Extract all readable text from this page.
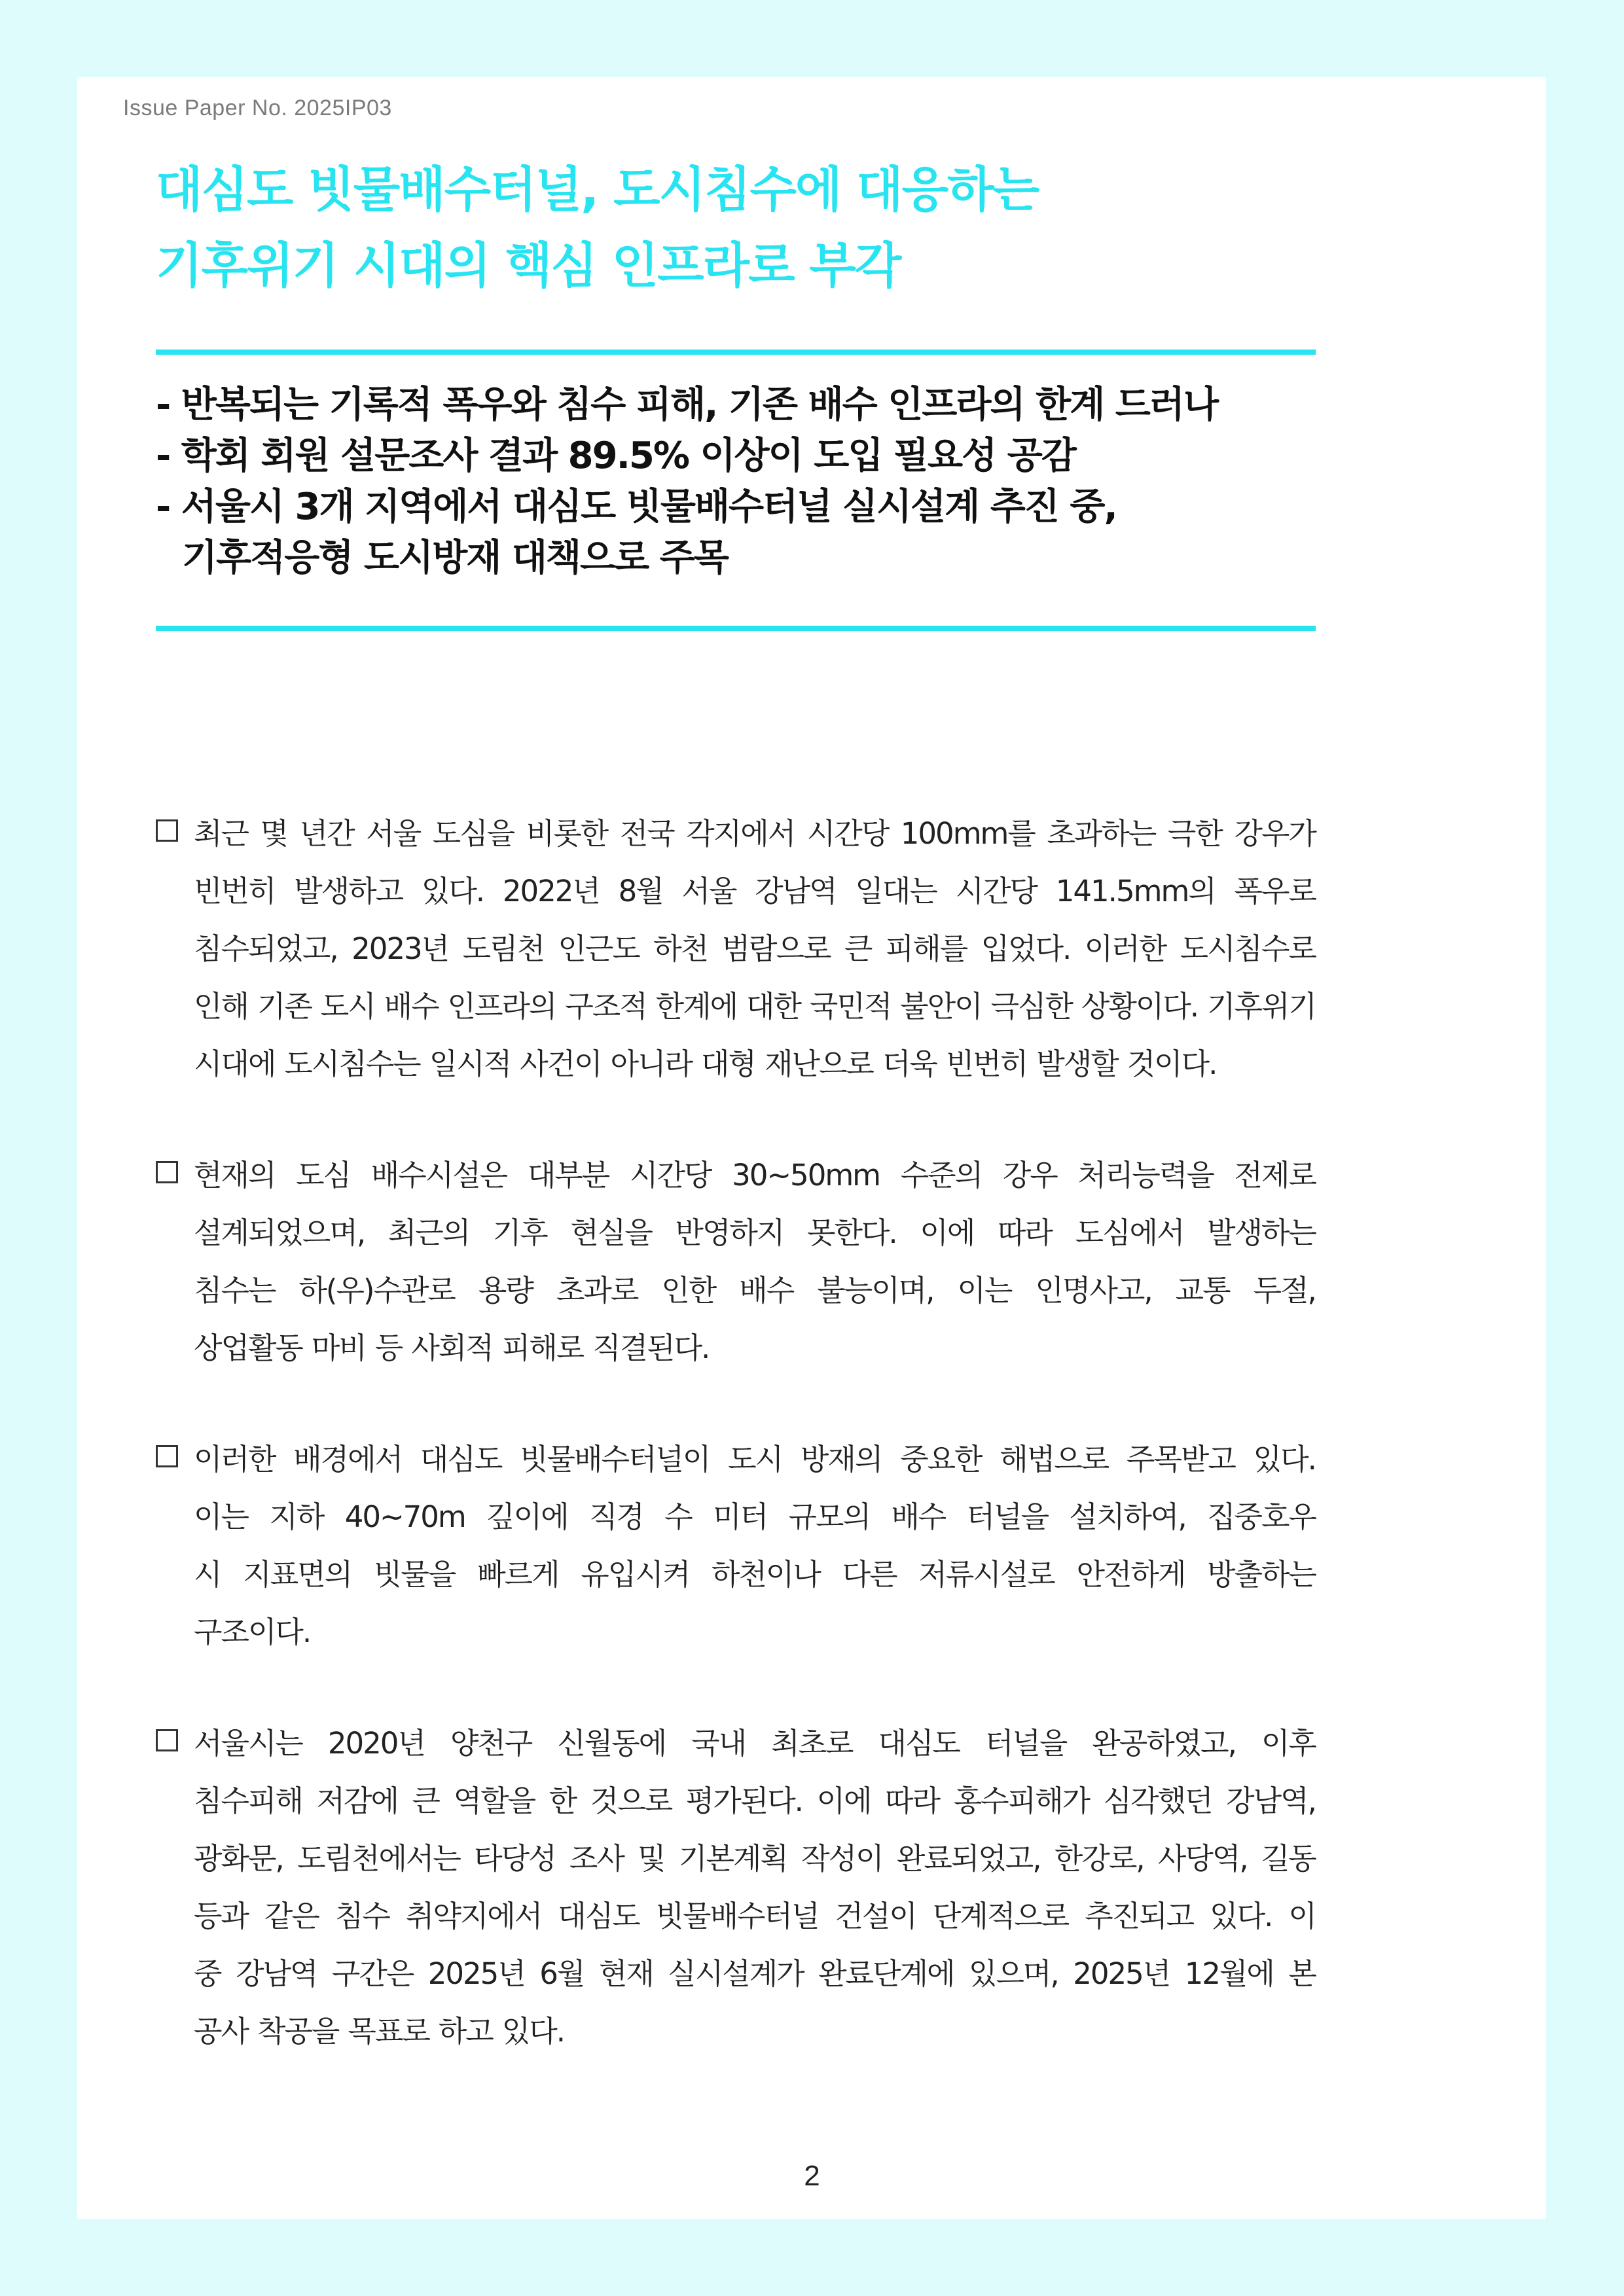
Issue Paper No. 2025IP03
대심도 빗물배수터널, 도시침수에 대응하는
기후위기 시대의 핵심 인프라로 부각
- 반복되는 기록적 폭우와 침수 피해, 기존 배수 인프라의 한계 드러나
- 학회 회원 설문조사 결과 89.5% 이상이 도입 필요성 공감
- 서울시 3개 지역에서 대심도 빗물배수터널 실시설계 추진 중,
기후적응형 도시방재 대책으로 주목
최근 몇 년간 서울 도심을 비롯한 전국 각지에서 시간당 100mm를 초과하는 극한 강우가
빈번히 발생하고 있다. 2022년 8월 서울 강남역 일대는 시간당 141.5mm의 폭우로
침수되었고, 2023년 도림천 인근도 하천 범람으로 큰 피해를 입었다. 이러한 도시침수로
인해 기존 도시 배수 인프라의 구조적 한계에 대한 국민적 불안이 극심한 상황이다. 기후위기
시대에 도시침수는 일시적 사건이 아니라 대형 재난으로 더욱 빈번히 발생할 것이다.
현재의 도심 배수시설은 대부분 시간당 30~50mm 수준의 강우 처리능력을 전제로
설계되었으며, 최근의 기후 현실을 반영하지 못한다. 이에 따라 도심에서 발생하는
침수는 하(우)수관로 용량 초과로 인한 배수 불능이며, 이는 인명사고, 교통 두절,
상업활동 마비 등 사회적 피해로 직결된다.
이러한 배경에서 대심도 빗물배수터널이 도시 방재의 중요한 해법으로 주목받고 있다.
이는 지하 40~70m 깊이에 직경 수 미터 규모의 배수 터널을 설치하여, 집중호우
시 지표면의 빗물을 빠르게 유입시켜 하천이나 다른 저류시설로 안전하게 방출하는
구조이다.
서울시는 2020년 양천구 신월동에 국내 최초로 대심도 터널을 완공하였고, 이후
침수피해 저감에 큰 역할을 한 것으로 평가된다. 이에 따라 홍수피해가 심각했던 강남역,
광화문, 도림천에서는 타당성 조사 및 기본계획 작성이 완료되었고, 한강로, 사당역, 길동
등과 같은 침수 취약지에서 대심도 빗물배수터널 건설이 단계적으로 추진되고 있다. 이
중 강남역 구간은 2025년 6월 현재 실시설계가 완료단계에 있으며, 2025년 12월에 본
공사 착공을 목표로 하고 있다.
2
